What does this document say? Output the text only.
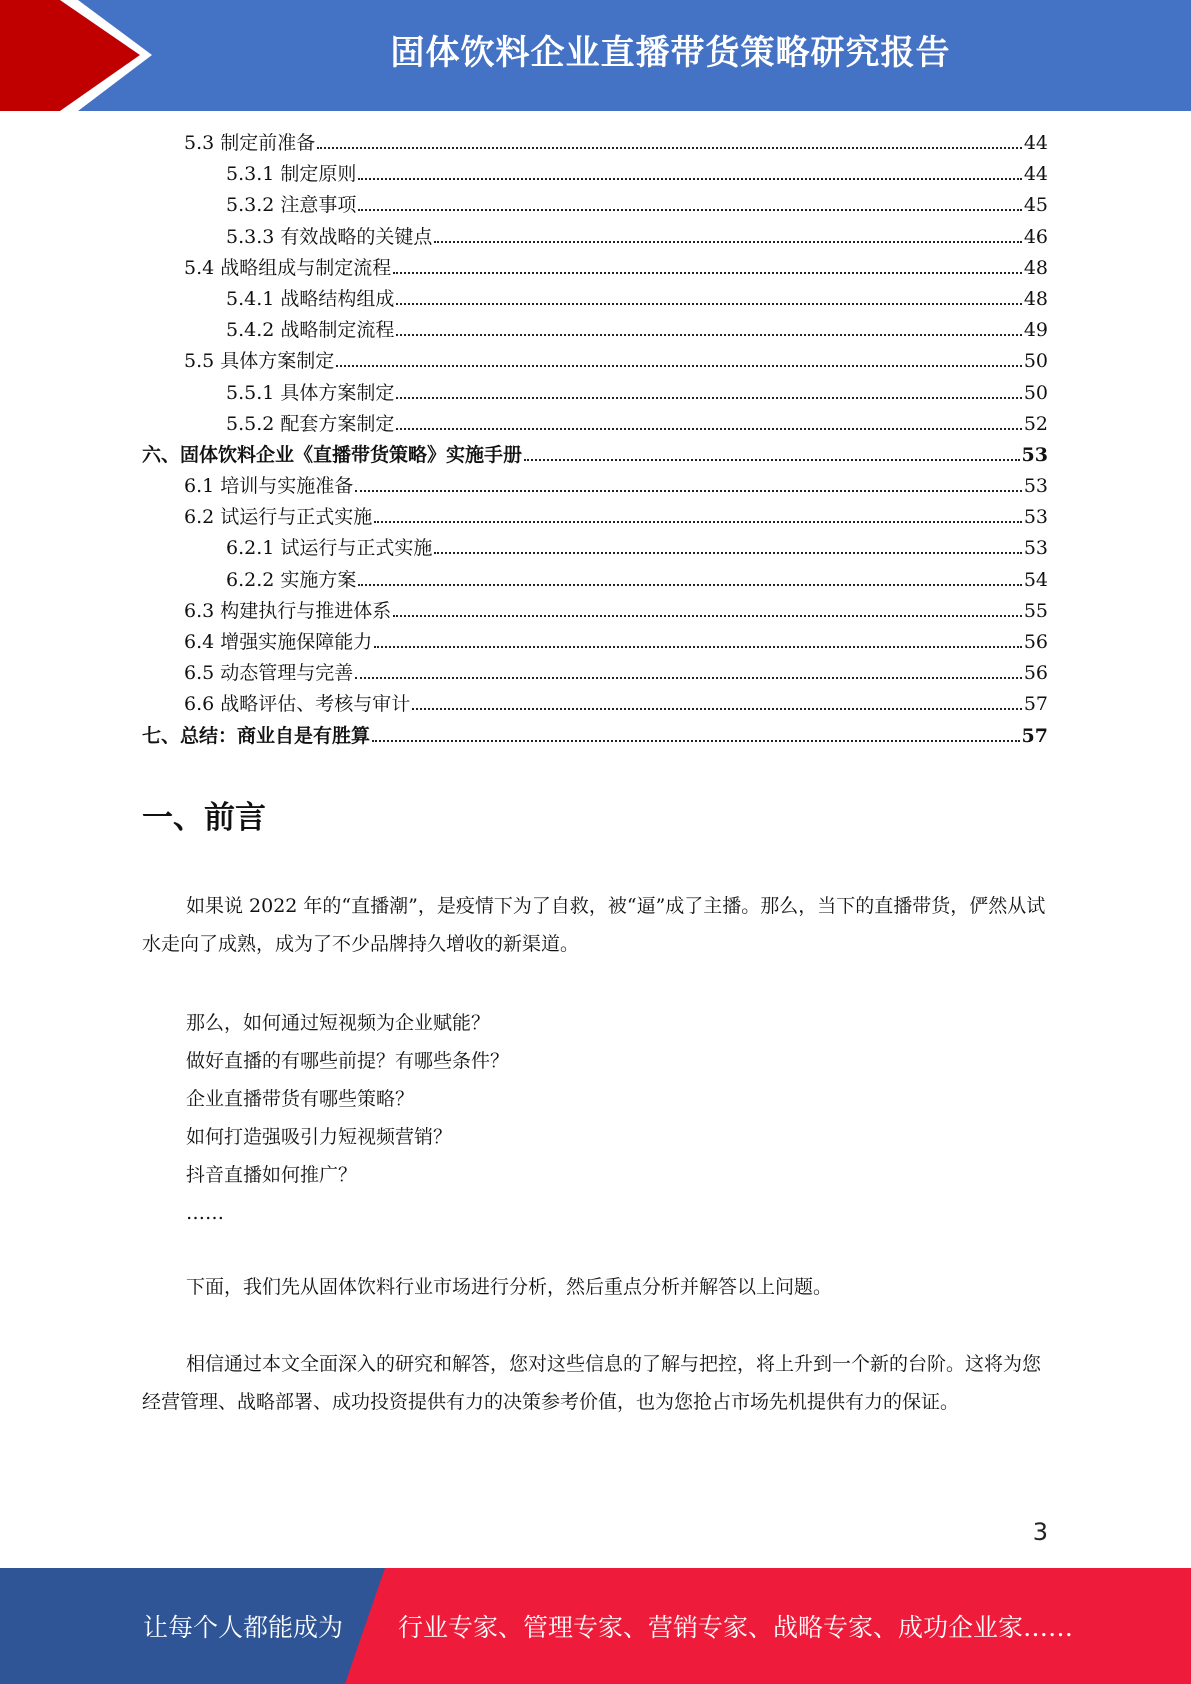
固体饮料企业直播带货策略研究报告
5.3 制定前准备	44
5.3.1 制定原则	44
5.3.2 注意事项	45
5.3.3 有效战略的关键点	46
5.4 战略组成与制定流程	48
5.4.1 战略结构组成	48
5.4.2 战略制定流程	49
5.5 具体方案制定	50
5.5.1 具体方案制定	50
5.5.2 配套方案制定	52
六、固体饮料企业《直播带货策略》实施手册	53
6.1 培训与实施准备	53
6.2 试运行与正式实施	53
6.2.1 试运行与正式实施	53
6.2.2 实施方案	54
6.3 构建执行与推进体系	55
6.4 增强实施保障能力	56
6.5 动态管理与完善	56
6.6 战略评估、考核与审计	57
七、总结：商业自是有胜算	57
一、前言

如果说 2022 年的“直播潮”，是疫情下为了自救，被“逼”成了主播。那么，当下的直播带货，俨然从试水走向了成熟，成为了不少品牌持久增收的新渠道。

那么，如何通过短视频为企业赋能？
做好直播的有哪些前提？有哪些条件？
企业直播带货有哪些策略？
如何打造强吸引力短视频营销？
抖音直播如何推广？
……

下面，我们先从固体饮料行业市场进行分析，然后重点分析并解答以上问题。

相信通过本文全面深入的研究和解答，您对这些信息的了解与把控，将上升到一个新的台阶。这将为您经营管理、战略部署、成功投资提供有力的决策参考价值，也为您抢占市场先机提供有力的保证。

3
让每个人都能成为 行业专家、管理专家、营销专家、战略专家、成功企业家……
